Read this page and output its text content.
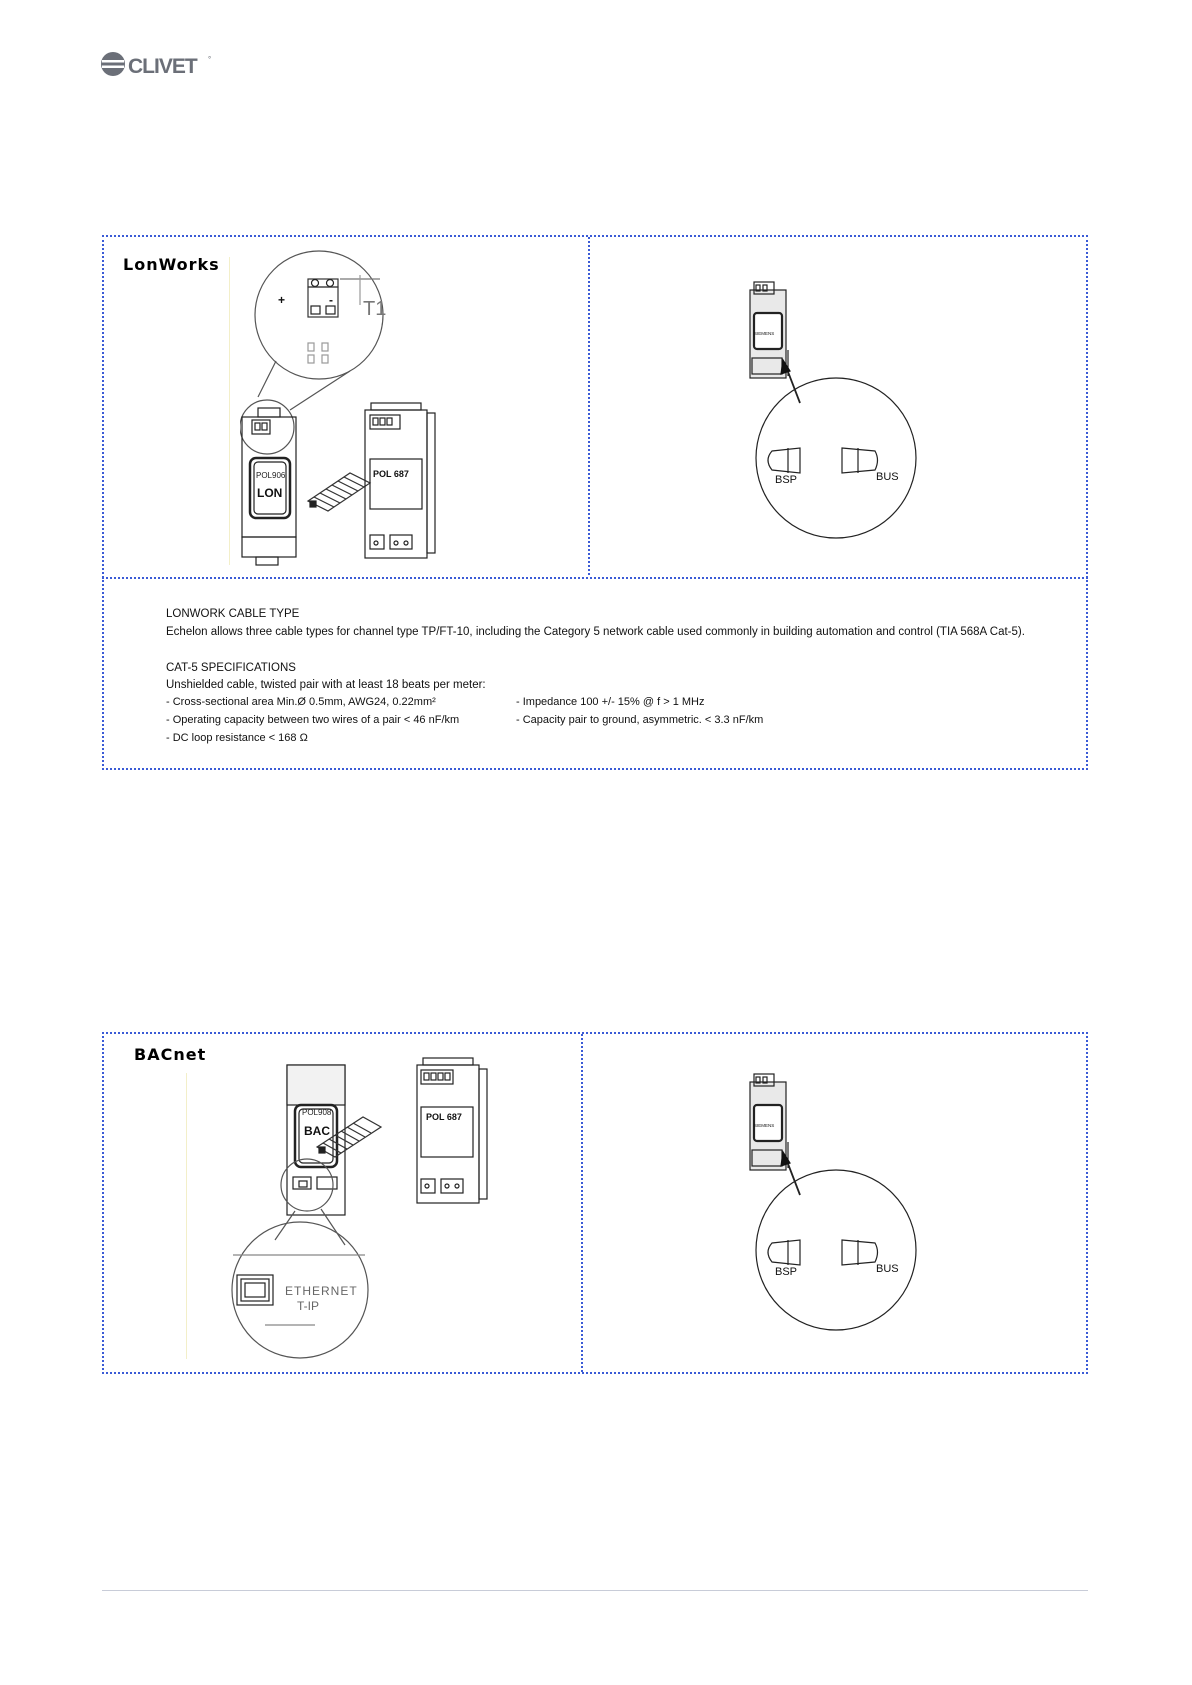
CLIVET °
LonWorks
+	- T1
POL906
LON
POL 687
SIEMENS
BSP	BUS
LONWORK CABLE TYPE
Echelon allows three cable types for channel type TP/FT-10, including the Category 5 network cable used commonly in building automation and control (TIA 568A Cat-5).
CAT-5 SPECIFICATIONS
Unshielded cable, twisted pair with at least 18 beats per meter:
- Cross-sectional area Min.Ø 0.5mm, AWG24, 0.22mm²
- Operating capacity between two wires of a pair < 46 nF/km
- DC loop resistance < 168 Ω
- Impedance 100 +/- 15% @ f > 1 MHz
- Capacity pair to ground, asymmetric. < 3.3 nF/km
BACnet
POL908
BAC
POL 687
ETHERNET
T-IP
SIEMENS
BSP	BUS
